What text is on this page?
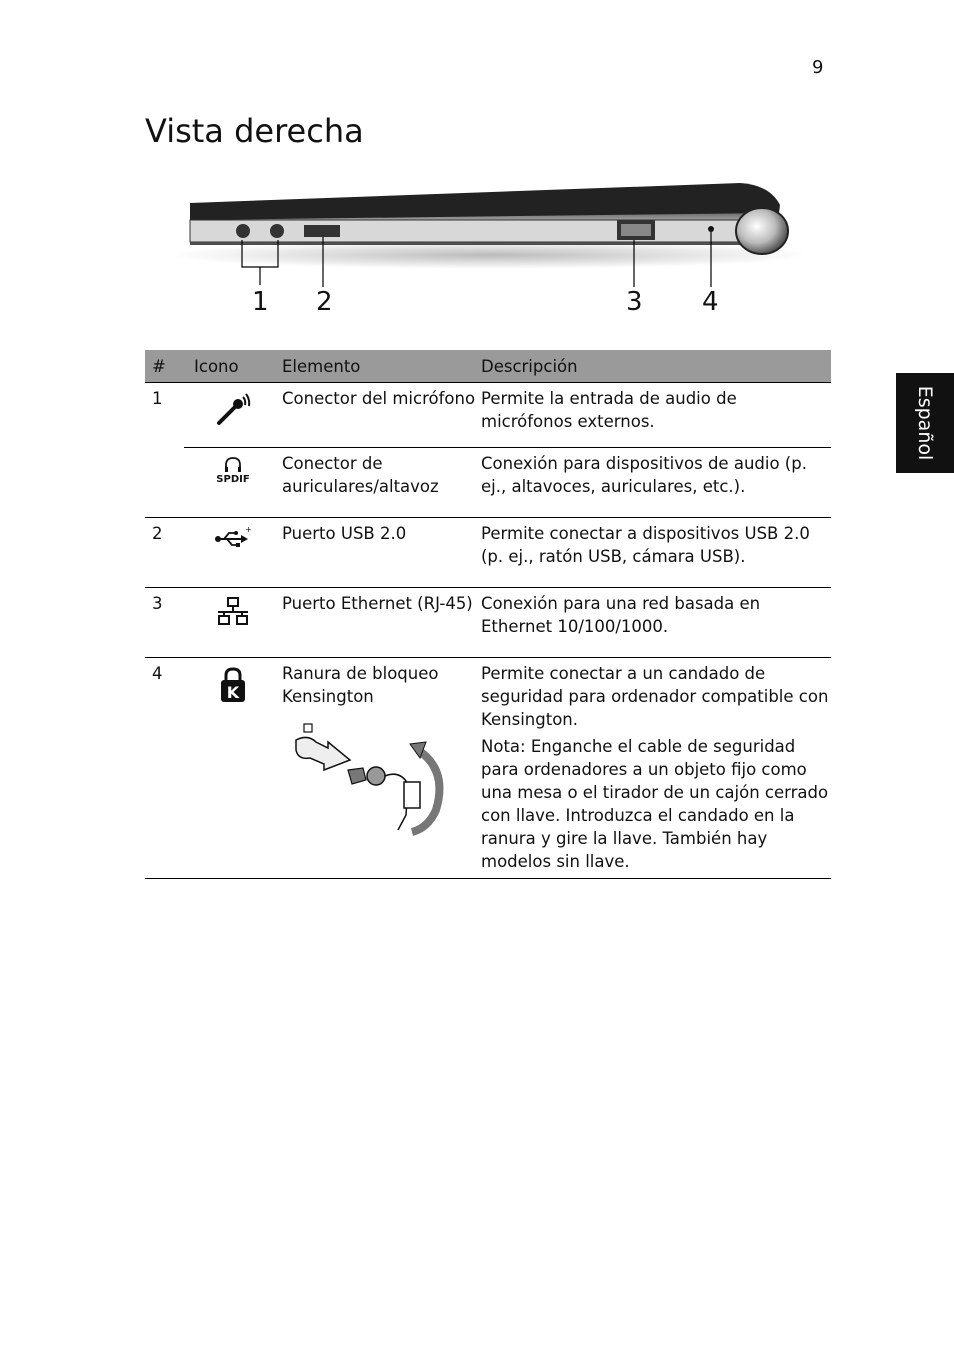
9
Vista derecha
Español
1 2	3 4
#	Icono	Elemento	Descripción
1		Conector del micrófono	Permite la entrada de audio de micrófonos externos.

	SPDIF	Conector de auriculares/altavoz	Conexión para dispositivos de audio (p. ej., altavoces, auriculares, etc.).
2	+	Puerto USB 2.0	Permite conectar a dispositivos USB 2.0 (p. ej., ratón USB, cámara USB).
3		Puerto Ethernet (RJ-45)	Conexión para una red basada en Ethernet 10/100/1000.
4	K	Ranura de bloqueo Kensington	Permite conectar a un candado de seguridad para ordenador compatible con Kensington.

Nota: Enganche el cable de seguridad para ordenadores a un objeto fijo como una mesa o el tirador de un cajón cerrado con llave. Introduzca el candado en la ranura y gire la llave. También hay modelos sin llave.
